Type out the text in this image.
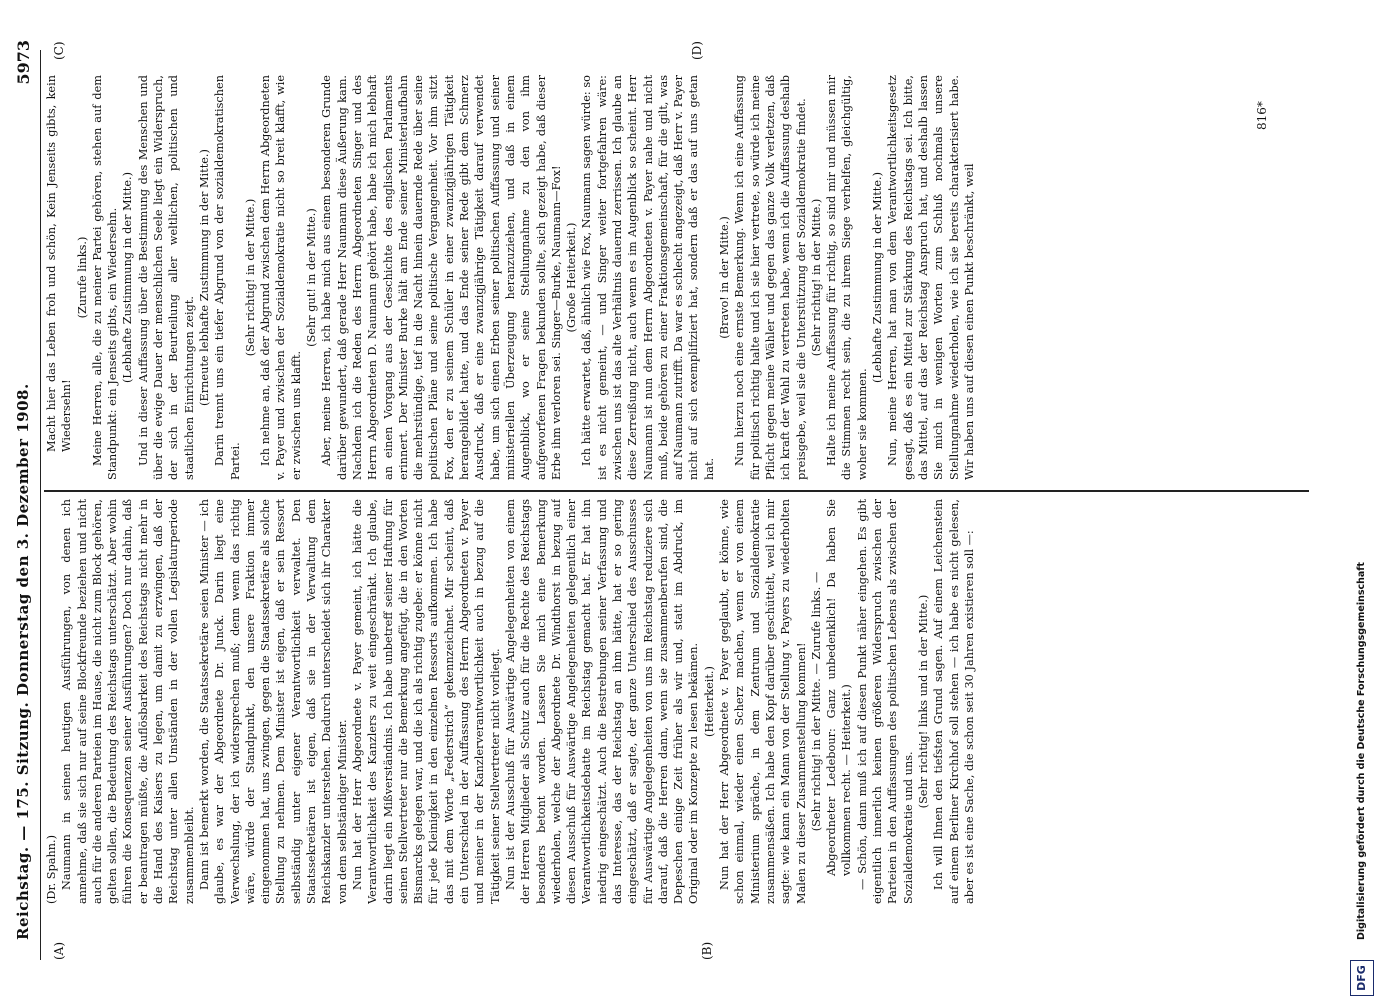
Reichstag. — 175. Sitzung. Donnerstag den 3. Dezember 1908.
5973
(A)	(B)
(C)	(D)

(Dr. Spahn.) Naumann in seinen heutigen Ausführungen, von denen ich annehme, daß sie sich nur auf seine Blockfreunde beziehen und nicht auch für die anderen Parteien im Hause, die nicht zum Block gehören, gelten sollen, die Bedeutung des Reichstags unterschätzt. Aber wohin führen die Konsequenzen seiner Ausführungen? Doch nur dahin, daß er beantragen müßte, die Auflösbarkeit des Reichstags nicht mehr in die Hand des Kaisers zu legen, um damit zu erzwingen, daß der Reichstag unter allen Umständen in der vollen Legislaturperiode zusammenbleibt. Dann ist bemerkt worden, die Staatssekretäre seien Minister — ich glaube, es war der Abgeordnete Dr. Junck. Darin liegt eine Verwechslung, der ich widersprechen muß; denn wenn das richtig wäre, würde der Standpunkt, den unsere Fraktion immer eingenommen hat, uns zwingen, gegen die Staatssekretäre als solche Stellung zu nehmen. Dem Minister ist eigen, daß er sein Ressort selbständig unter eigener Verantwortlichkeit verwaltet. Den Staatssekretären ist eigen, daß sie in der Verwaltung dem Reichskanzler unterstehen. Dadurch unterscheidet sich ihr Charakter von dem selbständiger Minister. Nun hat der Herr Abgeordnete v. Payer gemeint, ich hätte die Verantwortlichkeit des Kanzlers zu weit eingeschränkt. Ich glaube, darin liegt ein Mißverständnis. Ich habe unbetreff seiner Haftung für seinen Stellvertreter nur die Bemerkung angefügt, die in den Worten Bismarcks gelegen war, und die ich als richtig zugebe: er könne nicht für jede Kleinigkeit in den einzelnen Ressorts aufkommen. Ich habe das mit dem Worte „Federstrich“ gekennzeichnet. Mir scheint, daß ein Unterschied in der Auffassung des Herrn Abgeordneten v. Payer und meiner in der Kanzlerverantwortlichkeit auch in bezug auf die Tätigkeit seiner Stellvertreter nicht vorliegt. Nun ist der Ausschuß für Auswärtige Angelegenheiten von einem der Herren Mitglieder als Schutz auch für die Rechte des Reichstags besonders betont worden. Lassen Sie mich eine Bemerkung wiederholen, welche der Abgeordnete Dr. Windthorst in bezug auf diesen Ausschuß für Auswärtige Angelegenheiten gelegentlich einer Verantwortlichkeitsdebatte im Reichstag gemacht hat. Er hat ihn niedrig eingeschätzt. Auch die Bestrebungen seiner Verfassung und das Interesse, das der Reichstag an ihm hätte, hat er so gering eingeschätzt, daß er sagte, der ganze Unterschied des Ausschusses für Auswärtige Angelegenheiten von uns im Reichstag reduziere sich darauf, daß die Herren dann, wenn sie zusammenberufen sind, die Depeschen einige Zeit früher als wir und, statt im Abdruck, im Original oder im Konzepte zu lesen bekämen. (Heiterkeit.) Nun hat der Herr Abgeordnete v. Payer geglaubt, er könne, wie schon einmal, wieder einen Scherz machen, wenn er von einem Ministerium spräche, in dem Zentrum und Sozialdemokratie zusammensäßen. Ich habe den Kopf darüber geschüttelt, weil ich mir sagte: wie kann ein Mann von der Stellung v. Payers zu wiederholten Malen zu dieser Zusammenstellung kommen! (Sehr richtig! in der Mitte. — Zurufe links. — Abgeordneter Ledebour: Ganz unbedenklich! Da haben Sie vollkommen recht. — Heiterkeit.) — Schön, dann muß ich auf diesen Punkt näher eingehen. Es gibt eigentlich innerlich keinen größeren Widerspruch zwischen der Parteien in den Auffassungen des politischen Lebens als zwischen der Sozialdemokratie und uns.

(Sehr richtig! links und in der Mitte.) Ich will Ihnen den tiefsten Grund sagen. Auf einem Leichenstein auf einem Berliner Kirchhof soll stehen — ich habe es nicht gelesen, aber es ist eine Sache, die schon seit 30 Jahren existieren soll —:

Macht hier das Leben froh und schön, Kein Jenseits gibts, kein Wiedersehn!

(Zurufe links.) Meine Herren, alle, die zu meiner Partei gehören, stehen auf dem Standpunkt: ein Jenseits gibts, ein Wiedersehn. (Lebhafte Zustimmung in der Mitte.) Und in dieser Auffassung über die Bestimmung des Menschen und über die ewige Dauer der menschlichen Seele liegt ein Widerspruch, der sich in der Beurteilung aller weltlichen, politischen und staatlichen Einrichtungen zeigt. (Erneute lebhafte Zustimmung in der Mitte.) Darin trennt uns ein tiefer Abgrund von der sozialdemokratischen Partei.

(Sehr richtig! in der Mitte.) Ich nehme an, daß der Abgrund zwischen dem Herrn Abgeordneten v. Payer und zwischen der Sozialdemokratie nicht so breit klafft, wie er zwischen uns klafft.

(Sehr gut! in der Mitte.) Aber, meine Herren, ich habe mich aus einem besonderen Grunde darüber gewundert, daß gerade Herr Naumann diese Äußerung kam. Nachdem ich die Reden des Herrn Abgeordneten Singer und des Herrn Abgeordneten D. Naumann gehört habe, habe ich mich lebhaft an einen Vorgang aus der Geschichte des englischen Parlaments erinnert. Der Minister Burke hält am Ende seiner Ministerlaufbahn die mehrstündige, tief in die Nacht hinein dauernde Rede über seine politischen Pläne und seine politische Vergangenheit. Vor ihm sitzt Fox, den er zu seinem Schüler in einer zwanzigjährigen Tätigkeit herangebildet hatte, und das Ende seiner Rede gibt dem Schmerz Ausdruck, daß er eine zwanzigjährige Tätigkeit darauf verwendet habe, um sich einen Erben seiner politischen Auffassung und seiner ministeriellen Überzeugung heranzuziehen, und daß in einem Augenblick, wo er seine Stellungnahme zu den von ihm aufgeworfenen Fragen bekunden sollte, sich gezeigt habe, daß dieser Erbe ihm verloren sei. Singer—Burke, Naumann—Fox! (Große Heiterkeit.) Ich hätte erwartet, daß, ähnlich wie Fox, Naumann sagen würde: so ist es nicht gemeint, — und Singer weiter fortgefahren wäre: zwischen uns ist das alte Verhältnis dauernd zerrissen. Ich glaube an diese Zerreißung nicht, auch wenn es im Augenblick so scheint. Herr Naumann ist nun dem Herrn Abgeordneten v. Payer nahe und nicht muß, beide gehören zu einer Fraktionsgemeinschaft, für die gilt, was auf Naumann zutrifft. Da war es schlecht angezeigt, daß Herr v. Payer nicht auf sich exemplifiziert hat, sondern daß er das auf uns getan hat.

(Bravo! in der Mitte.) Nun hierzu noch eine ernste Bemerkung. Wenn ich eine Auffassung für politisch richtig halte und ich sie hier vertrete, so würde ich meine Pflicht gegen meine Wähler und gegen das ganze Volk verletzen, daß ich kraft der Wahl zu vertreten habe, wenn ich die Auffassung deshalb preisgebe, weil sie die Unterstützung der Sozialdemokratie findet. (Sehr richtig! in der Mitte.) Halte ich meine Auffassung für richtig, so sind mir und müssen mir die Stimmen recht sein, die zu ihrem Siege verhelfen, gleichgültig, woher sie kommen.

(Lebhafte Zustimmung in der Mitte.) Nun, meine Herren, hat man von dem Verantwortlichkeitsgesetz gesagt, daß es ein Mittel zur Stärkung des Reichstags sei. Ich bitte, das Mittel, auf das der Reichstag Anspruch hat, und deshalb lassen Sie mich in wenigen Worten zum Schluß nochmals unsere Stellungnahme wiederholen, wie ich sie bereits charakterisiert habe. Wir haben uns auf diesen einen Punkt beschränkt, weil

816*
DFG
Digitalisierung gefördert durch die Deutsche Forschungsgemeinschaft
